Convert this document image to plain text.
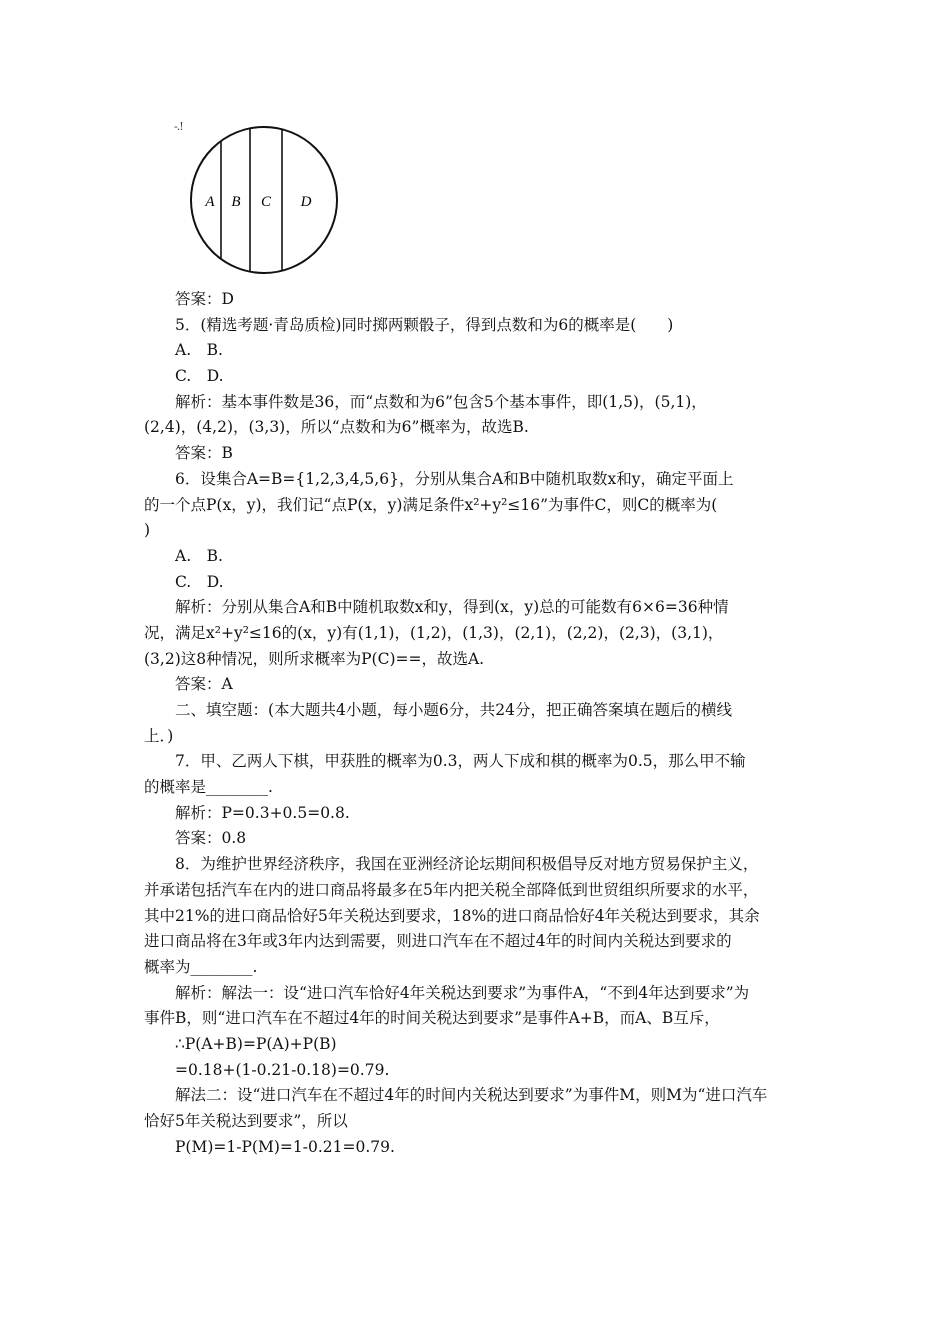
-.!
A B C D
答案：D
5．(精选考题·青岛质检)同时掷两颗骰子，得到点数和为6的概率是(　　)
A.　B.
C.　D.
解析：基本事件数是36，而“点数和为6”包含5个基本事件，即(1,5)，(5,1)，
(2,4)，(4,2)，(3,3)，所以“点数和为6”概率为，故选B.
答案：B
6．设集合A=B={1,2,3,4,5,6}，分别从集合A和B中随机取数x和y，确定平面上
的一个点P(x，y)，我们记“点P(x，y)满足条件x²+y²≤16”为事件C，则C的概率为(
)
A.　B.
C.　D.
解析：分别从集合A和B中随机取数x和y，得到(x，y)总的可能数有6×6=36种情
况，满足x²+y²≤16的(x，y)有(1,1)，(1,2)，(1,3)，(2,1)，(2,2)，(2,3)，(3,1)，
(3,2)这8种情况，则所求概率为P(C)==，故选A.
答案：A
二、填空题：(本大题共4小题，每小题6分，共24分，把正确答案填在题后的横线
上．)
7．甲、乙两人下棋，甲获胜的概率为0.3，两人下成和棋的概率为0.5，那么甲不输
的概率是________.
解析：P=0.3+0.5=0.8.
答案：0.8
8．为维护世界经济秩序，我国在亚洲经济论坛期间积极倡导反对地方贸易保护主义，
并承诺包括汽车在内的进口商品将最多在5年内把关税全部降低到世贸组织所要求的水平，
其中21%的进口商品恰好5年关税达到要求，18%的进口商品恰好4年关税达到要求，其余
进口商品将在3年或3年内达到需要，则进口汽车在不超过4年的时间内关税达到要求的
概率为________.
解析：解法一：设“进口汽车恰好4年关税达到要求”为事件A，“不到4年达到要求”为
事件B，则“进口汽车在不超过4年的时间关税达到要求”是事件A+B，而A、B互斥，
∴P(A+B)=P(A)+P(B)
=0.18+(1-0.21-0.18)=0.79.
解法二：设“进口汽车在不超过4年的时间内关税达到要求”为事件M，则M为“进口汽车
恰好5年关税达到要求”，所以
P(M)=1-P(M)=1-0.21=0.79.
